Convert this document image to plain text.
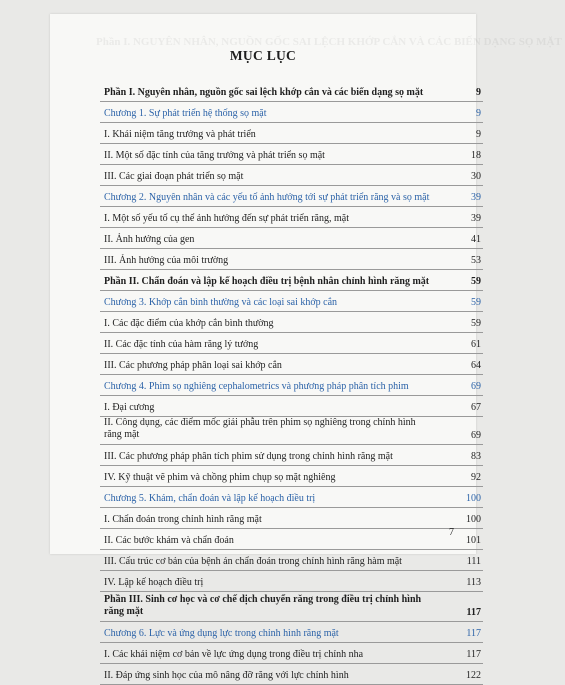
Phần I. NGUYÊN NHÂN, NGUỒN GỐC SAI LỆCH KHỚP CẮN VÀ CÁC BIẾN DẠNG SỌ MẶT
MỤC LỤC
Phần I. Nguyên nhân, nguồn gốc sai lệch khớp cắn và các biến dạng sọ mặt	9
Chương 1. Sự phát triển hệ thống sọ mặt	9
I. Khái niệm tăng trưởng và phát triển	9
II. Một số đặc tính của tăng trưởng và phát triển sọ mặt	18
III. Các giai đoạn phát triển sọ mặt	30
Chương 2. Nguyên nhân và các yếu tố ảnh hưởng tới sự phát triển răng và sọ mặt	39
I. Một số yếu tố cụ thể ảnh hưởng đến sự phát triển răng, mặt	39
II. Ảnh hưởng của gen	41
III. Ảnh hưởng của môi trường	53
Phần II. Chẩn đoán và lập kế hoạch điều trị bệnh nhân chỉnh hình răng mặt	59
Chương 3. Khớp cắn bình thường và các loại sai khớp cắn	59
I. Các đặc điểm của khớp cắn bình thường	59
II. Các đặc tính của hàm răng lý tưởng	61
III. Các phương pháp phân loại sai khớp cắn	64
Chương 4. Phim sọ nghiêng cephalometrics và phương pháp phân tích phim	69
I. Đại cương	67
II. Công dụng, các điểm mốc giải phẫu trên phim sọ nghiêng trong chỉnh hình răng mặt	69
III. Các phương pháp phân tích phim sử dụng trong chỉnh hình răng mặt	83
IV. Kỹ thuật vẽ phim và chồng phim chụp sọ mặt nghiêng	92
Chương 5. Khám, chẩn đoán và lập kế hoạch điều trị	100
I. Chẩn đoán trong chỉnh hình răng mặt	100
II. Các bước khám và chẩn đoán	101
III. Cấu trúc cơ bản của bệnh án chẩn đoán trong chỉnh hình răng hàm mặt	111
IV. Lập kế hoạch điều trị	113
Phần III. Sinh cơ học và cơ chế dịch chuyển răng trong điều trị chỉnh hình răng mặt	117
Chương 6. Lực và ứng dụng lực trong chỉnh hình răng mặt	117
I. Các khái niệm cơ bản về lực ứng dụng trong điều trị chỉnh nha	117
II. Đáp ứng sinh học của mô nâng đỡ răng với lực chỉnh hình	122
7
